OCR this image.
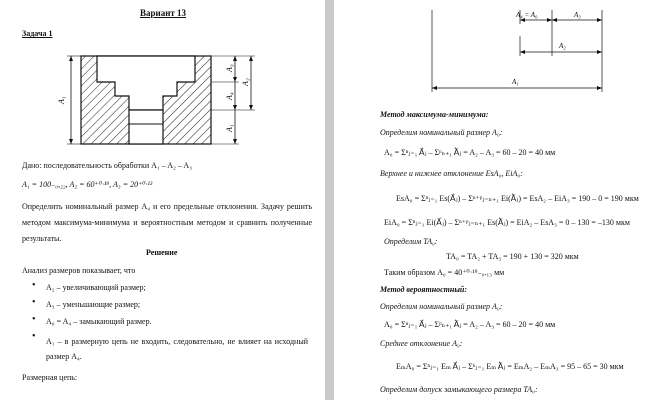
Вариант 13
Задача 1
A₁
A₃
A₂
A₄
A₁
Дано: последовательность обработки A₁ – A₂ – A₃
A₁ = 100₋₀,₂₂, A₂ = 60⁺⁰·¹⁹, A₃ = 20⁺⁰·¹³
Определить номинальный размер A₄ и его предельные отклонения. Задачу решить методом максимума-минимума и вероятностным методом и сравнить полученные результаты.
Решение
Анализ размеров показывает, что
• A₂ – увеличивающий размер;
• A₃ – уменьшающие размер;
• A₀ = A₄ – замыкающий размер.
• A₁ – в размерную цепь не входить, следовательно, не влияет на исходный размер A₄.
Размерная цепь:
A₄ = A₀	A₃
A₂
A₁
Метод максимума-минимума:
Определим номинальный размер A₀:
A₀ = Σⁿⱼ₌₁ A⃗ⱼ – Σᵖₙ₊₁ A⃖ⱼ = A₂ – A₃ = 60 – 20 = 40 мм
Верхнее и нижнее отклонение EsA₀, EiA₀:
EsA₀ = Σⁿⱼ₌₁ Es(A⃗ⱼ) – Σⁿ⁺ᵖⱼ₌ₙ₊₁ Ei(A⃖ⱼ) = EsA₂ – EiA₃ = 190 – 0 = 190 мкм
EiA₀ = Σⁿⱼ₌₁ Ei(A⃗ⱼ) – Σⁿ⁺ᵖⱼ₌ₙ₊₁ Es(A⃖ⱼ) = EiA₂ – EsA₃ = 0 – 130 = –130 мкм
Определим TA₀:
TA₀ = TA₂ + TA₃ = 190 + 130 = 320 мкм
Таким образом A₀ = 40⁺⁰·¹⁹₋₀.₁₃ мм
Метод вероятностный:
Определим номинальный размер A₀:
A₀ = Σⁿⱼ₌₁ A⃗ⱼ – Σᵖₙ₊₁ A⃖ⱼ = A₂ – A₃ = 60 – 20 = 40 мм
Среднее отклонение A₀:
EₘA₀ = Σⁿⱼ₌₁ Eₘ A⃗ⱼ – Σᵏⱼ₌₁ Eₘ A⃖ⱼ = EₘA₂ – EₘA₃ = 95 – 65 = 30 мкм
Определим допуск замыкающего размера TA₀:
